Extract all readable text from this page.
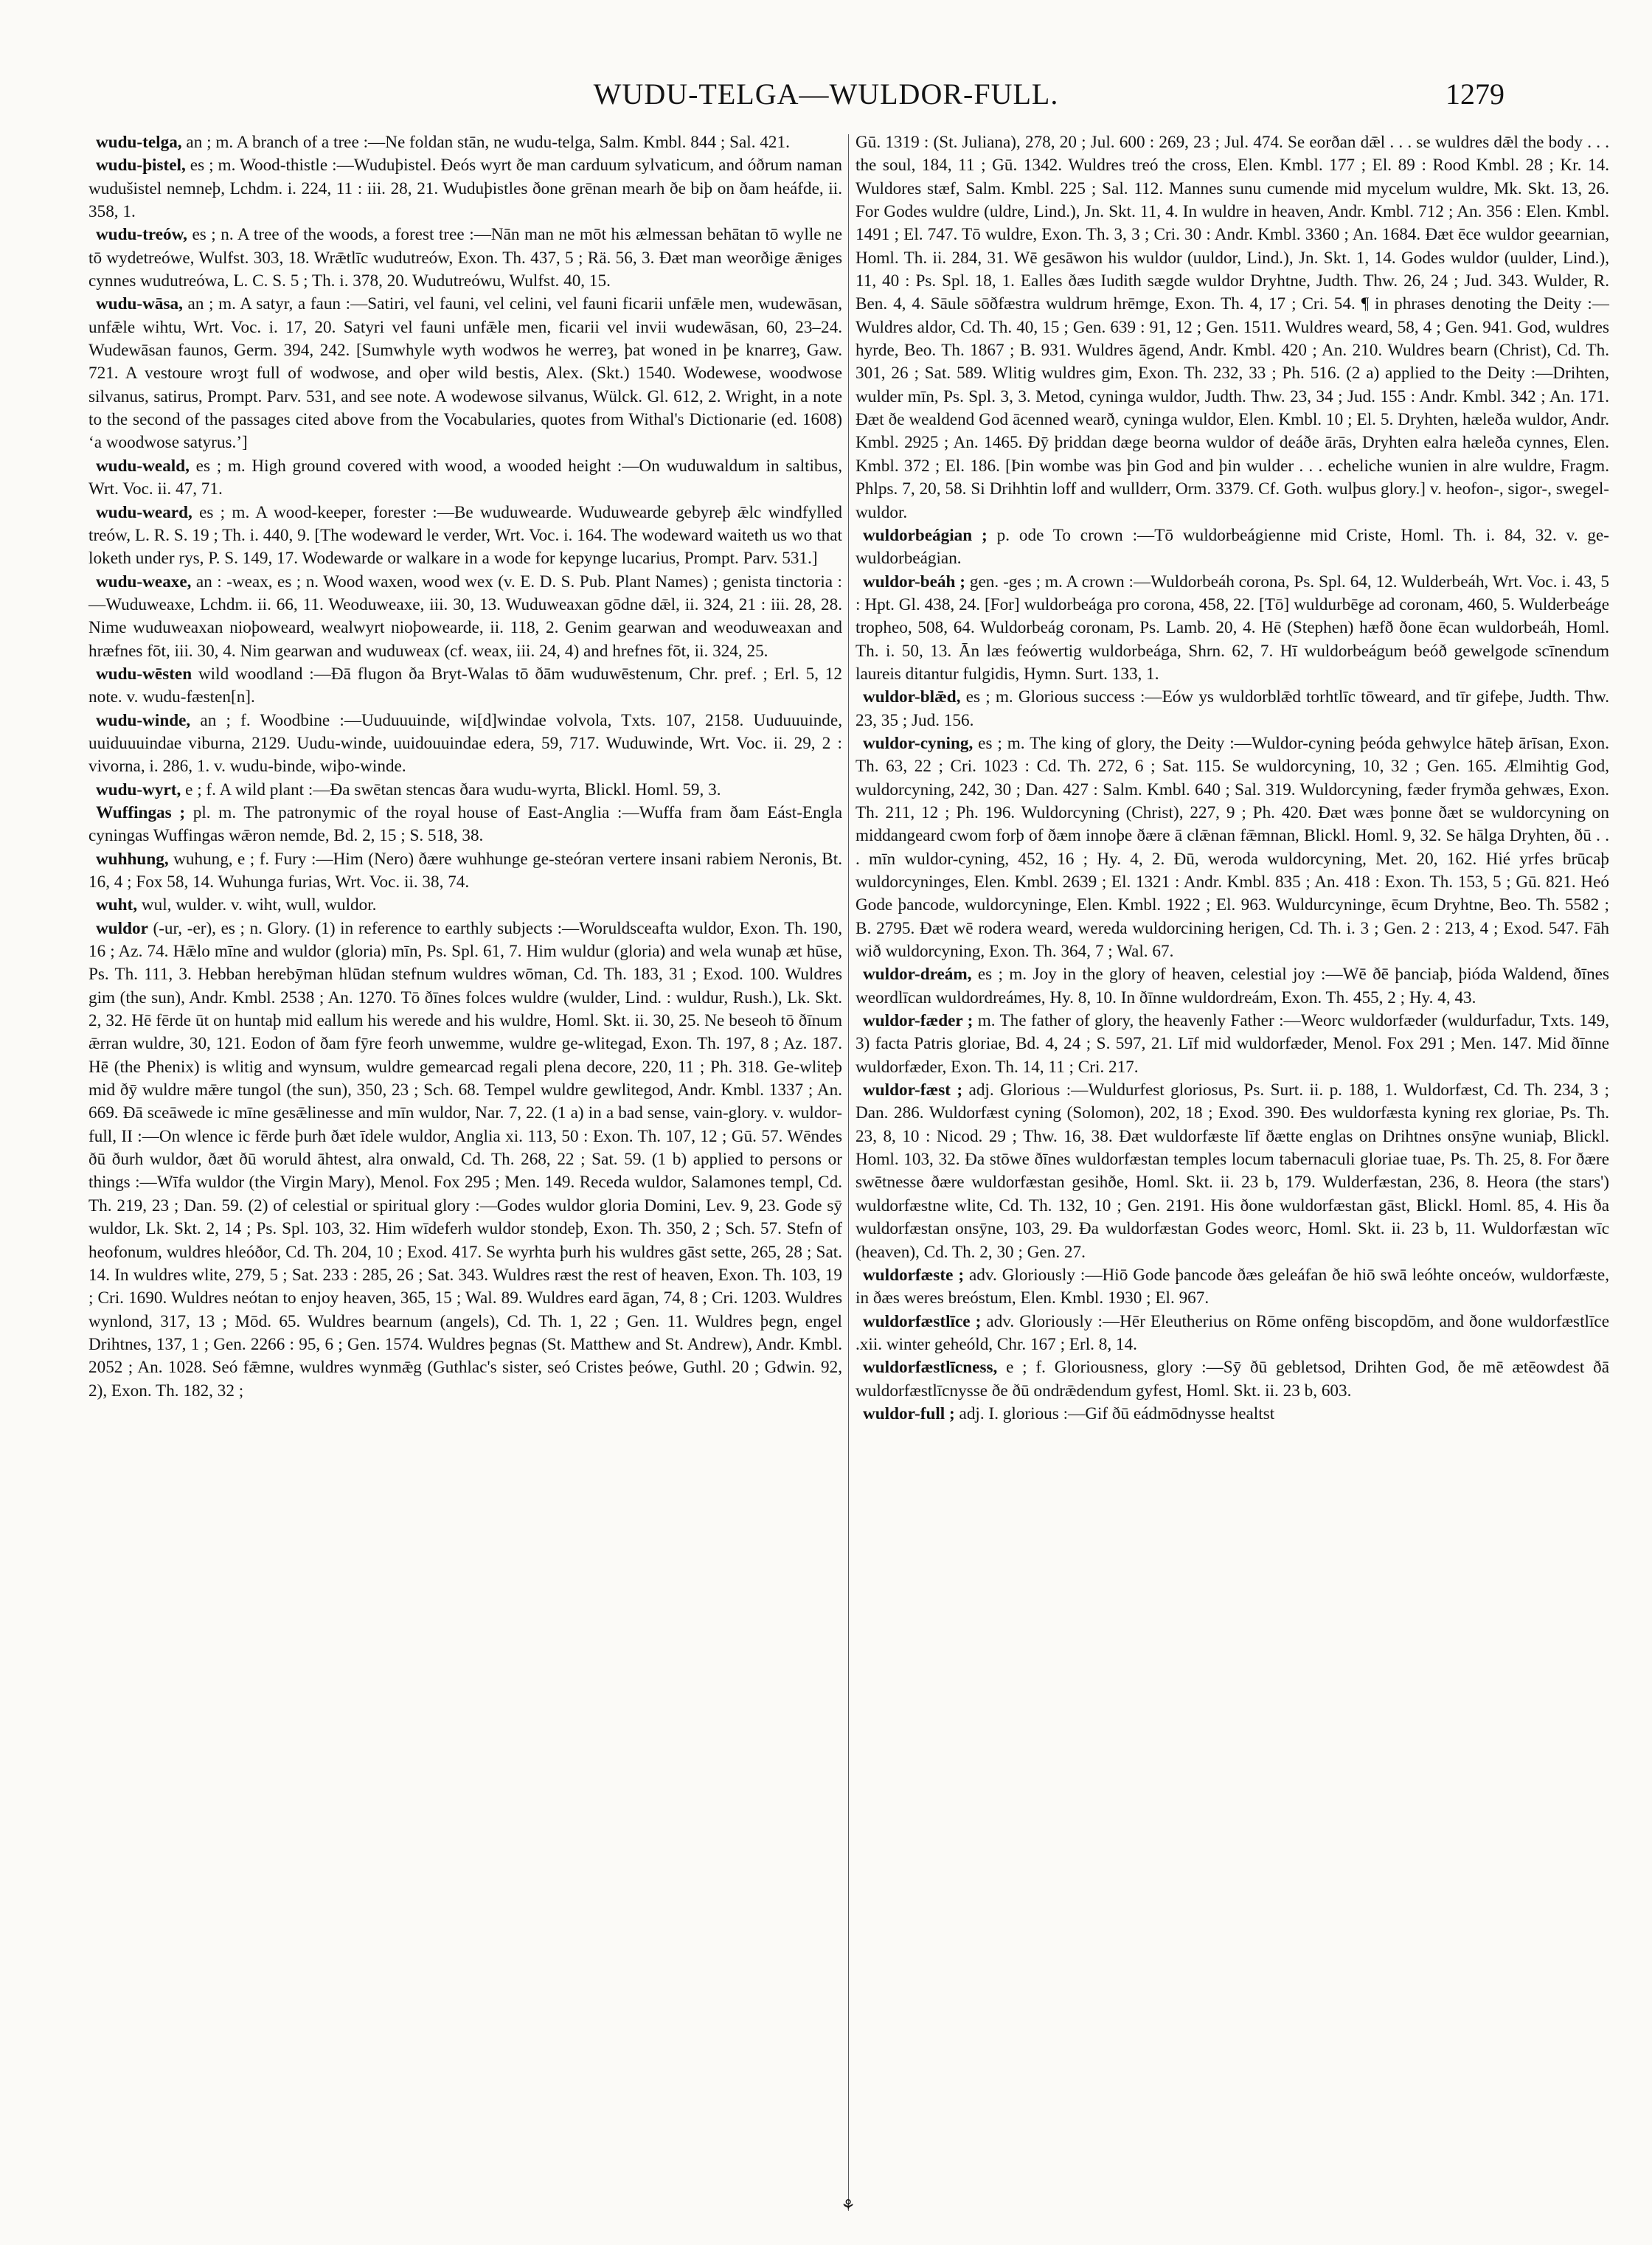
WUDU-TELGA—WULDOR-FULL.	1279

wudu-telga, an ; m. A branch of a tree :—Ne foldan stān, ne wudu-telga, Salm. Kmbl. 844 ; Sal. 421.

wudu-þistel, es ; m. Wood-thistle :—Wuduþistel. Ðeós wyrt ðe man carduum sylvaticum, and óðrum naman wudušistel nemneþ, Lchdm. i. 224, 11 : iii. 28, 21. Wuduþistles ðone grēnan mearh ðe biþ on ðam heáfde, ii. 358, 1.

wudu-treów, es ; n. A tree of the woods, a forest tree :—Nān man ne mōt his ælmessan behātan tō wylle ne tō wydetreówe, Wulfst. 303, 18. Wrǣtlīc wudutreów, Exon. Th. 437, 5 ; Rä. 56, 3. Ðæt man weorðige ǣniges cynnes wudutreówa, L. C. S. 5 ; Th. i. 378, 20. Wudutreówu, Wulfst. 40, 15.

wudu-wāsa, an ; m. A satyr, a faun :—Satiri, vel fauni, vel celini, vel fauni ficarii unfǣle men, wudewāsan, unfǣle wihtu, Wrt. Voc. i. 17, 20. Satyri vel fauni unfǣle men, ficarii vel invii wudewāsan, 60, 23–24. Wudewāsan faunos, Germ. 394, 242. [Sumwhyle wyth wodwos he werreȝ, þat woned in þe knarreȝ, Gaw. 721. A vestoure wroȝt full of wodwose, and oþer wild bestis, Alex. (Skt.) 1540. Wodewese, woodwose silvanus, satirus, Prompt. Parv. 531, and see note. A wodewose silvanus, Wülck. Gl. 612, 2. Wright, in a note to the second of the passages cited above from the Vocabularies, quotes from Withal's Dictionarie (ed. 1608) ‘a woodwose satyrus.’]

wudu-weald, es ; m. High ground covered with wood, a wooded height :—On wuduwaldum in saltibus, Wrt. Voc. ii. 47, 71.

wudu-weard, es ; m. A wood-keeper, forester :—Be wuduwearde. Wuduwearde gebyreþ ǣlc windfylled treów, L. R. S. 19 ; Th. i. 440, 9. [The wodeward le verder, Wrt. Voc. i. 164. The wodeward waiteth us wo that loketh under rys, P. S. 149, 17. Wodewarde or walkare in a wode for kepynge lucarius, Prompt. Parv. 531.]

wudu-weaxe, an : -weax, es ; n. Wood waxen, wood wex (v. E. D. S. Pub. Plant Names) ; genista tinctoria :—Wuduweaxe, Lchdm. ii. 66, 11. Weoduweaxe, iii. 30, 13. Wuduweaxan gōdne dǣl, ii. 324, 21 : iii. 28, 28. Nime wuduweaxan nioþoweard, wealwyrt nioþoweardе, ii. 118, 2. Genim gearwan and weoduweaxan and hræfnes fōt, iii. 30, 4. Nim gearwan and wuduweax (cf. weax, iii. 24, 4) and hrefnes fōt, ii. 324, 25.

wudu-wēsten wild woodland :—Ðā flugon ða Bryt-Walas tō ðām wuduwēstenum, Chr. pref. ; Erl. 5, 12 note. v. wudu-fæsten[n].

wudu-winde, an ; f. Woodbine :—Uuduuuinde, wi[d]windae volvola, Txts. 107, 2158. Uuduuuinde, uuiduuuindae viburna, 2129. Uudu-winde, uuidouuindae edera, 59, 717. Wuduwinde, Wrt. Voc. ii. 29, 2 : vivorna, i. 286, 1. v. wudu-binde, wiþo-winde.

wudu-wyrt, e ; f. A wild plant :—Ða swētan stencas ðara wudu-wyrta, Blickl. Homl. 59, 3.

Wuffingas ; pl. m. The patronymic of the royal house of East-Anglia :—Wuffa fram ðam Eást-Engla cyningas Wuffingas wǣron nemde, Bd. 2, 15 ; S. 518, 38.

wuhhung, wuhung, e ; f. Fury :—Him (Nero) ðære wuhhunge ge-steóran vertere insani rabiem Neronis, Bt. 16, 4 ; Fox 58, 14. Wuhunga furias, Wrt. Voc. ii. 38, 74.

wuht, wul, wulder. v. wiht, wull, wuldor.

wuldor (-ur, -er), es ; n. Glory. (1) in reference to earthly subjects :—Woruldsceafta wuldor, Exon. Th. 190, 16 ; Az. 74. Hǣlo mīne and wuldor (gloria) mīn, Ps. Spl. 61, 7. Him wuldur (gloria) and wela wunaþ æt hūse, Ps. Th. 111, 3. Hebban herebȳman hlūdan stefnum wuldres wōman, Cd. Th. 183, 31 ; Exod. 100. Wuldres gim (the sun), Andr. Kmbl. 2538 ; An. 1270. Tō ðīnes folces wuldre (wulder, Lind. : wuldur, Rush.), Lk. Skt. 2, 32. Hē fērde ūt on huntaþ mid eallum his werede and his wuldre, Homl. Skt. ii. 30, 25. Ne beseoh tō ðīnum ǣrran wuldre, 30, 121. Eodon of ðam fȳre feorh unwemme, wuldre ge-wlitegad, Exon. Th. 197, 8 ; Az. 187. Hē (the Phenix) is wlitig and wynsum, wuldre gemearcad regali plena decore, 220, 11 ; Ph. 318. Ge-wliteþ mid ðȳ wuldre mǣre tungol (the sun), 350, 23 ; Sch. 68. Tempel wuldre gewlitegod, Andr. Kmbl. 1337 ; An. 669. Ðā sceāwede ic mīne gesǣlinesse and mīn wuldor, Nar. 7, 22. (1 a) in a bad sense, vain-glory. v. wuldor-full, II :—On wlence ic fērde þurh ðæt īdele wuldor, Anglia xi. 113, 50 : Exon. Th. 107, 12 ; Gū. 57. Wēndes ðū ðurh wuldor, ðæt ðū woruld āhtest, alra onwald, Cd. Th. 268, 22 ; Sat. 59. (1 b) applied to persons or things :—Wīfa wuldor (the Virgin Mary), Menol. Fox 295 ; Men. 149. Receda wuldor, Salamones templ, Cd. Th. 219, 23 ; Dan. 59. (2) of celestial or spiritual glory :—Godes wuldor gloria Domini, Lev. 9, 23. Gode sȳ wuldor, Lk. Skt. 2, 14 ; Ps. Spl. 103, 32. Him wīdeferh wuldor stondeþ, Exon. Th. 350, 2 ; Sch. 57. Stefn of heofonum, wuldres hleóðor, Cd. Th. 204, 10 ; Exod. 417. Se wyrhta þurh his wuldres gāst sette, 265, 28 ; Sat. 14. In wuldres wlite, 279, 5 ; Sat. 233 : 285, 26 ; Sat. 343. Wuldres ræst the rest of heaven, Exon. Th. 103, 19 ; Cri. 1690. Wuldres neótan to enjoy heaven, 365, 15 ; Wal. 89. Wuldres eard āgan, 74, 8 ; Cri. 1203. Wuldres wynlond, 317, 13 ; Mōd. 65. Wuldres bearnum (angels), Cd. Th. 1, 22 ; Gen. 11. Wuldres þegn, engel Drihtnes, 137, 1 ; Gen. 2266 : 95, 6 ; Gen. 1574. Wuldres þegnas (St. Matthew and St. Andrew), Andr. Kmbl. 2052 ; An. 1028. Seó fǣmne, wuldres wynmǣg (Guthlac's sister, seó Cristes þeówe, Guthl. 20 ; Gdwin. 92, 2), Exon. Th. 182, 32 ;

⚘

Gū. 1319 : (St. Juliana), 278, 20 ; Jul. 600 : 269, 23 ; Jul. 474. Se eorðan dǣl . . . se wuldres dǣl the body . . . the soul, 184, 11 ; Gū. 1342. Wuldres treó the cross, Elen. Kmbl. 177 ; El. 89 : Rood Kmbl. 28 ; Kr. 14. Wuldores stæf, Salm. Kmbl. 225 ; Sal. 112. Mannes sunu cumende mid mycelum wuldre, Mk. Skt. 13, 26. For Godes wuldre (uldre, Lind.), Jn. Skt. 11, 4. In wuldre in heaven, Andr. Kmbl. 712 ; An. 356 : Elen. Kmbl. 1491 ; El. 747. Tō wuldre, Exon. Th. 3, 3 ; Cri. 30 : Andr. Kmbl. 3360 ; An. 1684. Ðæt ēce wuldor geearnian, Homl. Th. ii. 284, 31. Wē gesāwon his wuldor (uuldor, Lind.), Jn. Skt. 1, 14. Godes wuldor (uulder, Lind.), 11, 40 : Ps. Spl. 18, 1. Ealles ðæs Iudith sægde wuldor Dryhtne, Judth. Thw. 26, 24 ; Jud. 343. Wulder, R. Ben. 4, 4. Sāule sōðfæstra wuldrum hrēmge, Exon. Th. 4, 17 ; Cri. 54. ¶ in phrases denoting the Deity :—Wuldres aldor, Cd. Th. 40, 15 ; Gen. 639 : 91, 12 ; Gen. 1511. Wuldres weard, 58, 4 ; Gen. 941. God, wuldres hyrde, Beo. Th. 1867 ; B. 931. Wuldres āgend, Andr. Kmbl. 420 ; An. 210. Wuldres bearn (Christ), Cd. Th. 301, 26 ; Sat. 589. Wlitig wuldres gim, Exon. Th. 232, 33 ; Ph. 516. (2 a) applied to the Deity :—Drihten, wulder mīn, Ps. Spl. 3, 3. Metod, cyninga wuldor, Judth. Thw. 23, 34 ; Jud. 155 : Andr. Kmbl. 342 ; An. 171. Ðæt ðe wealdend God ācenned wearð, cyninga wuldor, Elen. Kmbl. 10 ; El. 5. Dryhten, hæleða wuldor, Andr. Kmbl. 2925 ; An. 1465. Ðȳ þriddan dæge beorna wuldor of deáðe ārās, Dryhten ealra hæleða cynnes, Elen. Kmbl. 372 ; El. 186. [Þin wombe was þin God and þin wulder . . . echeliche wunien in alre wuldre, Fragm. Phlps. 7, 20, 58. Si Drihhtin loff and wullderr, Orm. 3379. Cf. Goth. wulþus glory.] v. heofon-, sigor-, swegel-wuldor.

wuldorbeágian ; p. ode To crown :—Tō wuldorbeágienne mid Criste, Homl. Th. i. 84, 32. v. ge-wuldorbeágian.

wuldor-beáh ; gen. -ges ; m. A crown :—Wuldorbeáh corona, Ps. Spl. 64, 12. Wulderbeáh, Wrt. Voc. i. 43, 5 : Hpt. Gl. 438, 24. [For] wuldorbeága pro corona, 458, 22. [Tō] wuldurbēge ad coronam, 460, 5. Wulderbeáge tropheo, 508, 64. Wuldorbeág coronam, Ps. Lamb. 20, 4. Hē (Stephen) hæfð ðone ēcan wuldorbeáh, Homl. Th. i. 50, 13. Ān læs feówertig wuldorbeága, Shrn. 62, 7. Hī wuldorbeágum beóð gewelgode scīnendum laureis ditantur fulgidis, Hymn. Surt. 133, 1.

wuldor-blǣd, es ; m. Glorious success :—Eów ys wuldorblǣd torhtlīc tōweard, and tīr gifeþe, Judth. Thw. 23, 35 ; Jud. 156.

wuldor-cyning, es ; m. The king of glory, the Deity :—Wuldor-cyning þeóda gehwylce hāteþ ārīsan, Exon. Th. 63, 22 ; Cri. 1023 : Cd. Th. 272, 6 ; Sat. 115. Se wuldorcyning, 10, 32 ; Gen. 165. Ælmihtig God, wuldorcyning, 242, 30 ; Dan. 427 : Salm. Kmbl. 640 ; Sal. 319. Wuldorcyning, fæder frymða gehwæs, Exon. Th. 211, 12 ; Ph. 196. Wuldorcyning (Christ), 227, 9 ; Ph. 420. Ðæt wæs þonne ðæt se wuldorcyning on middangeard cwom forþ of ðæm innoþe ðære ā clǣnan fǣmnan, Blickl. Homl. 9, 32. Se hālga Dryhten, ðū . . . mīn wuldor-cyning, 452, 16 ; Hy. 4, 2. Ðū, weroda wuldorcyning, Met. 20, 162. Hié yrfes brūcaþ wuldorcyninges, Elen. Kmbl. 2639 ; El. 1321 : Andr. Kmbl. 835 ; An. 418 : Exon. Th. 153, 5 ; Gū. 821. Heó Gode þancode, wuldorcyninge, Elen. Kmbl. 1922 ; El. 963. Wuldurcyninge, ēcum Dryhtne, Beo. Th. 5582 ; B. 2795. Ðæt wē rodera weard, wereda wuldorcining herigen, Cd. Th. i. 3 ; Gen. 2 : 213, 4 ; Exod. 547. Fāh wið wuldorcyning, Exon. Th. 364, 7 ; Wal. 67.

wuldor-dreám, es ; m. Joy in the glory of heaven, celestial joy :—Wē ðē þanciaþ, þióda Waldend, ðīnes weordlīcan wuldordreámes, Hy. 8, 10. In ðīnne wuldordreám, Exon. Th. 455, 2 ; Hy. 4, 43.

wuldor-fæder ; m. The father of glory, the heavenly Father :—Weorc wuldorfæder (wuldurfadur, Txts. 149, 3) facta Patris gloriae, Bd. 4, 24 ; S. 597, 21. Līf mid wuldorfæder, Menol. Fox 291 ; Men. 147. Mid ðīnne wuldorfæder, Exon. Th. 14, 11 ; Cri. 217.

wuldor-fæst ; adj. Glorious :—Wuldurfest gloriosus, Ps. Surt. ii. p. 188, 1. Wuldorfæst, Cd. Th. 234, 3 ; Dan. 286. Wuldorfæst cyning (Solomon), 202, 18 ; Exod. 390. Ðes wuldorfæsta kyning rex gloriae, Ps. Th. 23, 8, 10 : Nicod. 29 ; Thw. 16, 38. Ðæt wuldorfæste līf ðætte englas on Drihtnes onsȳne wuniaþ, Blickl. Homl. 103, 32. Ða stōwe ðīnes wuldorfæstan temples locum tabernaculi gloriae tuae, Ps. Th. 25, 8. For ðære swētnesse ðære wuldorfæstan gesihðe, Homl. Skt. ii. 23 b, 179. Wulderfæstan, 236, 8. Heora (the stars') wuldorfæstne wlite, Cd. Th. 132, 10 ; Gen. 2191. His ðone wuldorfæstan gāst, Blickl. Homl. 85, 4. His ða wuldorfæstan onsȳne, 103, 29. Ða wuldorfæstan Godes weorc, Homl. Skt. ii. 23 b, 11. Wuldorfæstan wīc (heaven), Cd. Th. 2, 30 ; Gen. 27.

wuldorfæste ; adv. Gloriously :—Hiō Gode þancode ðæs geleáfan ðe hiō swā leóhte onceów, wuldorfæste, in ðæs weres breóstum, Elen. Kmbl. 1930 ; El. 967.

wuldorfæstlīce ; adv. Gloriously :—Hēr Eleutherius on Rōme onfēng biscopdōm, and ðone wuldorfæstlīce .xii. winter geheóld, Chr. 167 ; Erl. 8, 14.

wuldorfæstlīcness, e ; f. Gloriousness, glory :—Sȳ ðū gebletsod, Drihten God, ðe mē ætēowdest ðā wuldorfæstlīcnysse ðe ðū ondrǣdendum gyfest, Homl. Skt. ii. 23 b, 603.

wuldor-full ; adj. I. glorious :—Gif ðū eádmōdnysse healtst
